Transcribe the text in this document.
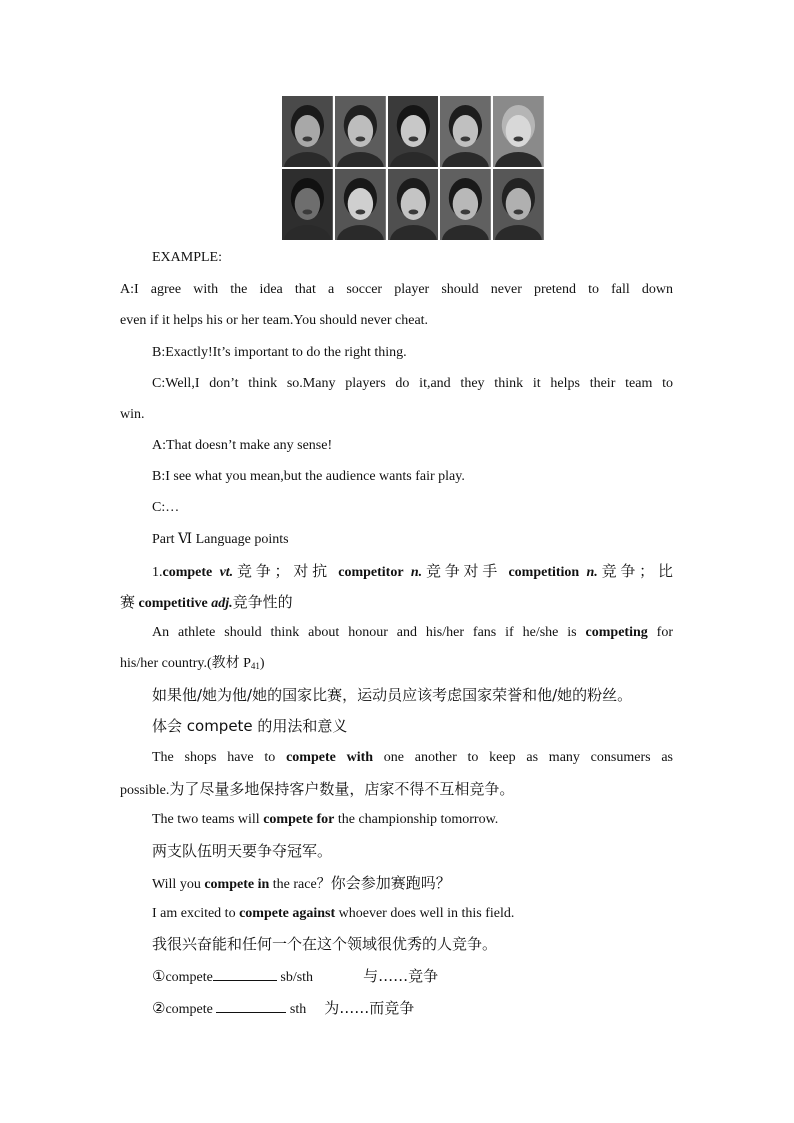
EXAMPLE:
A:I agree with the idea that a soccer player should never pretend to fall down
even if it helps his or her team.You should never cheat.
B:Exactly!It’s important to do the right thing.
C:Well,I don’t think so.Many players do it,and they think it helps their team to
win.
A:That doesn’t make any sense!
B:I see what you mean,but the audience wants fair play.
C:…
Part Ⅵ Language points
1.compete vt.竞争；对抗 competitor n.竞争对手 competition n.竞争；比
赛 competitive adj.竞争性的
An athlete should think about honour and his/her fans if he/she is competing for
his/her country.(教材 $P_{41}$)
如果他/她为他/她的国家比赛，运动员应该考虑国家荣誉和他/她的粉丝。
体会 compete 的用法和意义
The shops have to compete with one another to keep as many consumers as
possible.为了尽量多地保持客户数量，店家不得不互相竞争。
The two teams will compete for the championship tomorrow.
两支队伍明天要争夺冠军。
Will you compete in the race？你会参加赛跑吗？
I am excited to compete against whoever does well in this field.
我很兴奋能和任何一个在这个领域很优秀的人竞争。
①compete	sb/sth	与……竞争
②compete	sth 为……而竞争
